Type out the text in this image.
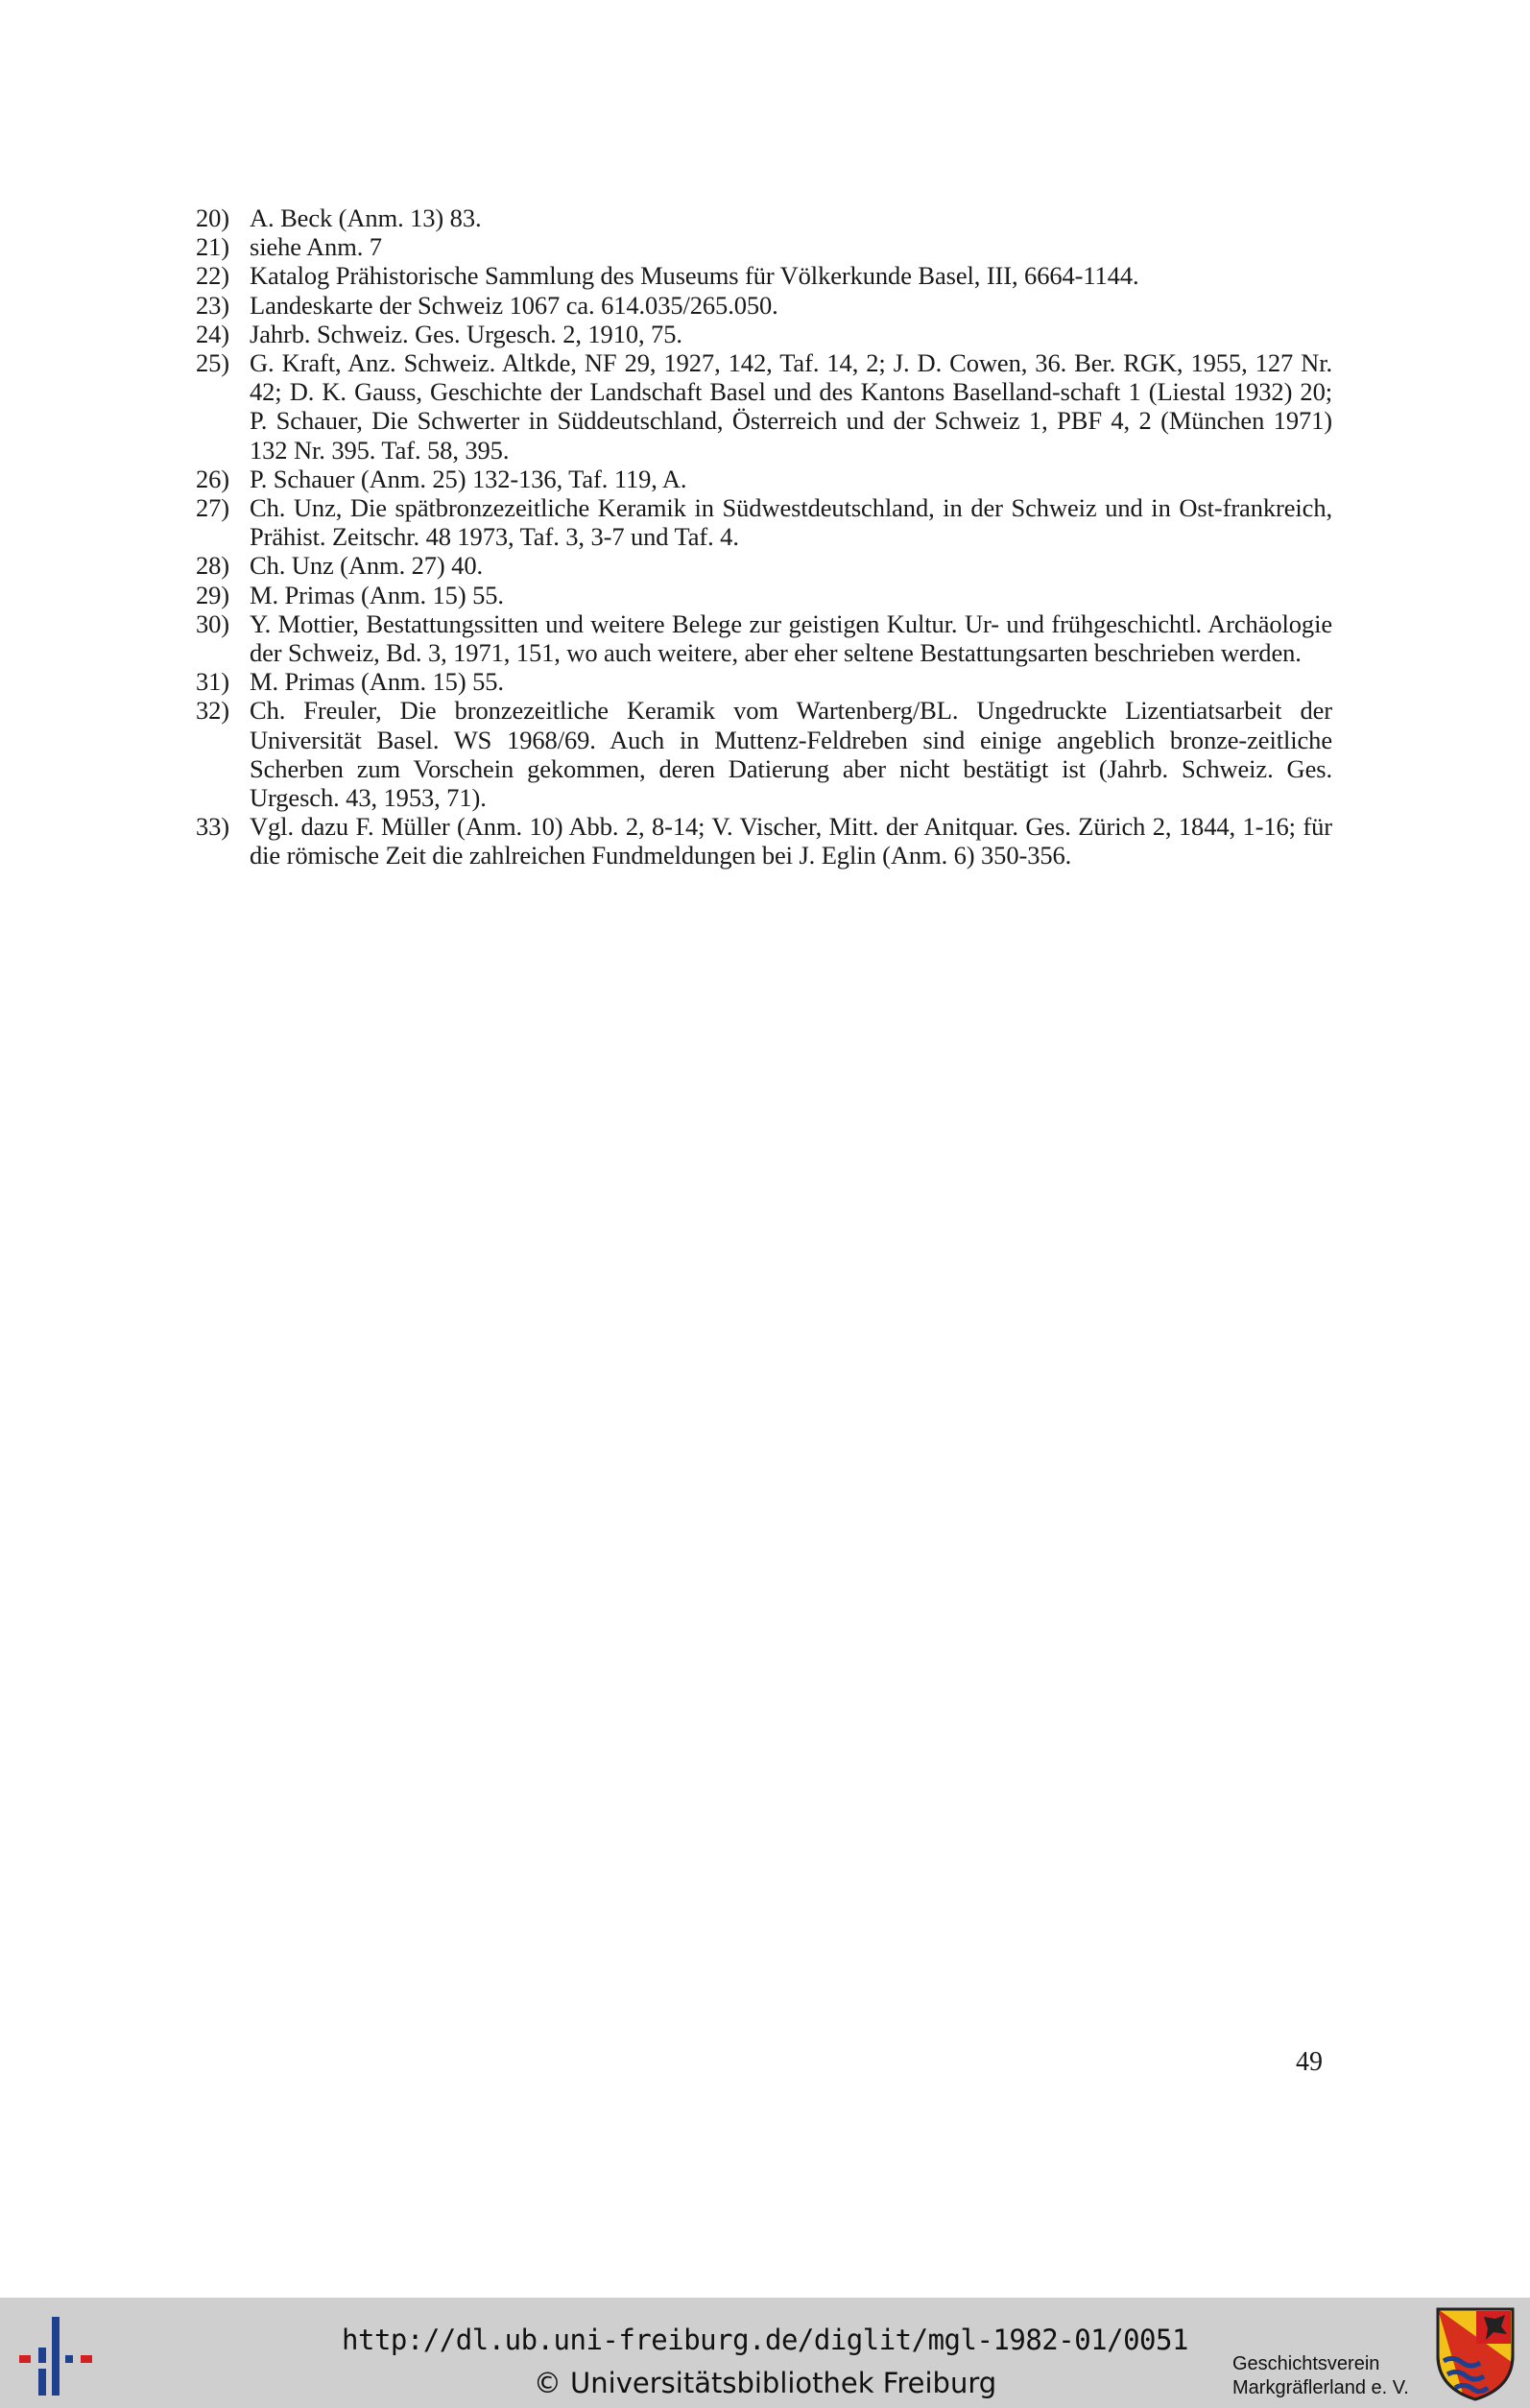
20) A. Beck (Anm. 13) 83.
21) siehe Anm. 7
22) Katalog Prähistorische Sammlung des Museums für Völkerkunde Basel, III, 6664-1144.
23) Landeskarte der Schweiz 1067 ca. 614.035/265.050.
24) Jahrb. Schweiz. Ges. Urgesch. 2, 1910, 75.
25) G. Kraft, Anz. Schweiz. Altkde, NF 29, 1927, 142, Taf. 14, 2; J. D. Cowen, 36. Ber. RGK, 1955, 127 Nr. 42; D. K. Gauss, Geschichte der Landschaft Basel und des Kantons Baselland-schaft 1 (Liestal 1932) 20; P. Schauer, Die Schwerter in Süddeutschland, Österreich und der Schweiz 1, PBF 4, 2 (München 1971) 132 Nr. 395. Taf. 58, 395.
26) P. Schauer (Anm. 25) 132-136, Taf. 119, A.
27) Ch. Unz, Die spätbronzezeitliche Keramik in Südwestdeutschland, in der Schweiz und in Ost-frankreich, Prähist. Zeitschr. 48 1973, Taf. 3, 3-7 und Taf. 4.
28) Ch. Unz (Anm. 27) 40.
29) M. Primas (Anm. 15) 55.
30) Y. Mottier, Bestattungssitten und weitere Belege zur geistigen Kultur. Ur- und frühgeschichtl. Archäologie der Schweiz, Bd. 3, 1971, 151, wo auch weitere, aber eher seltene Bestattungsarten beschrieben werden.
31) M. Primas (Anm. 15) 55.
32) Ch. Freuler, Die bronzezeitliche Keramik vom Wartenberg/BL. Ungedruckte Lizentiatsarbeit der Universität Basel. WS 1968/69. Auch in Muttenz-Feldreben sind einige angeblich bronze-zeitliche Scherben zum Vorschein gekommen, deren Datierung aber nicht bestätigt ist (Jahrb. Schweiz. Ges. Urgesch. 43, 1953, 71).
33) Vgl. dazu F. Müller (Anm. 10) Abb. 2, 8-14; V. Vischer, Mitt. der Anitquar. Ges. Zürich 2, 1844, 1-16; für die römische Zeit die zahlreichen Fundmeldungen bei J. Eglin (Anm. 6) 350-356.
49
http://dl.ub.uni-freiburg.de/diglit/mgl-1982-01/0051
© Universitätsbibliothek Freiburg
Geschichtsverein
Markgräflerland e. V.
